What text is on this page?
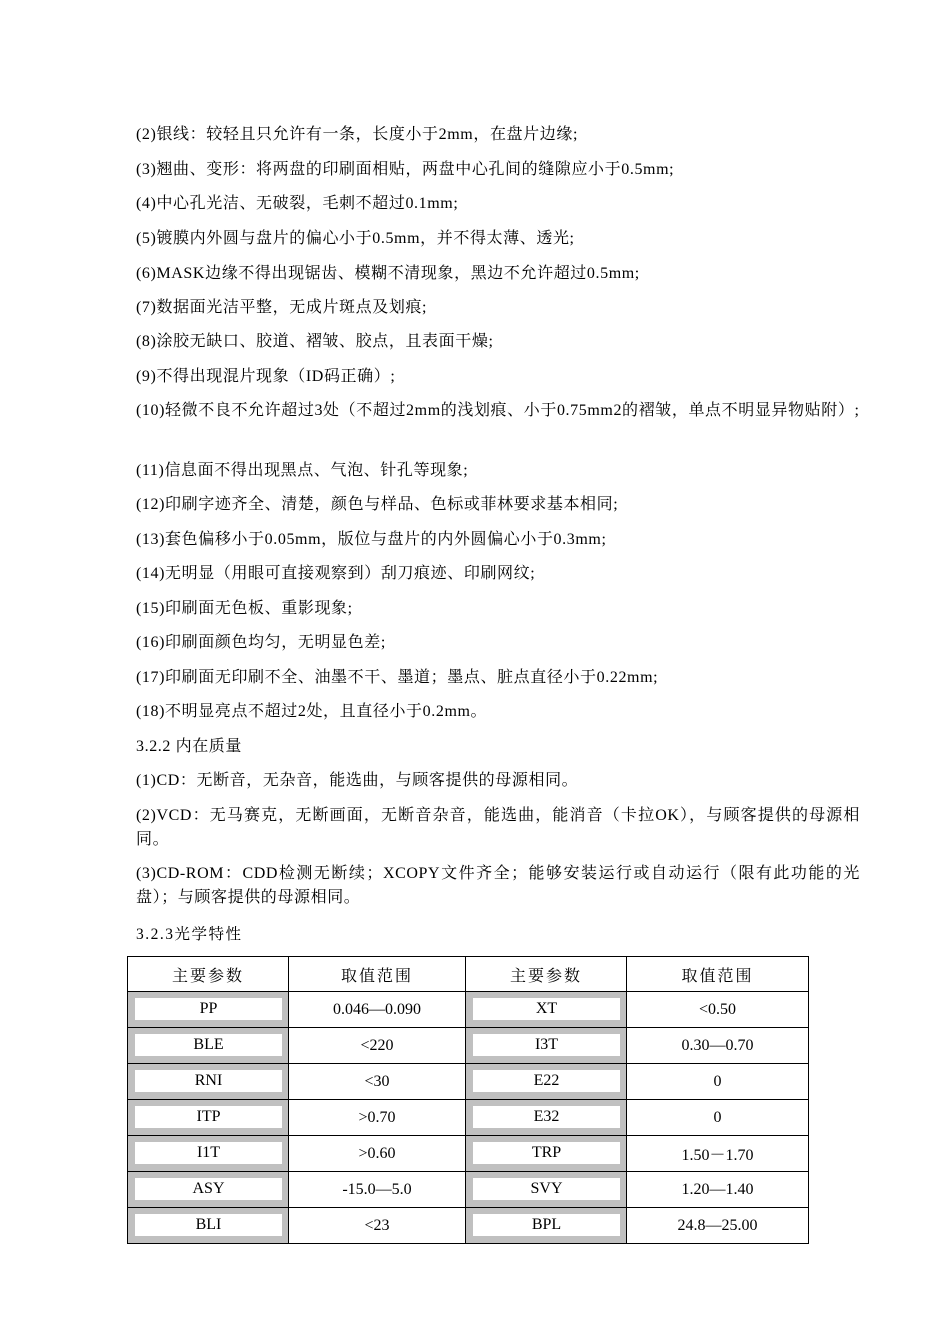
(2)银线：较轻且只允许有一条，长度小于2mm，在盘片边缘;

(3)翘曲、变形：将两盘的印刷面相贴，两盘中心孔间的缝隙应小于0.5mm;

(4)中心孔光洁、无破裂，毛刺不超过0.1mm;

(5)镀膜内外圆与盘片的偏心小于0.5mm，并不得太薄、透光;

(6)MASK边缘不得出现锯齿、模糊不清现象，黑边不允许超过0.5mm;

(7)数据面光洁平整，无成片斑点及划痕;

(8)涂胶无缺口、胶道、褶皱、胶点，且表面干燥;

(9)不得出现混片现象（ID码正确）;

(10)轻微不良不允许超过3处（不超过2mm的浅划痕、小于0.75mm2的褶皱，单点不明显异物贴附）;

(11)信息面不得出现黑点、气泡、针孔等现象;

(12)印刷字迹齐全、清楚，颜色与样品、色标或菲林要求基本相同;

(13)套色偏移小于0.05mm，版位与盘片的内外圆偏心小于0.3mm;

(14)无明显（用眼可直接观察到）刮刀痕迹、印刷网纹;

(15)印刷面无色板、重影现象;

(16)印刷面颜色均匀，无明显色差;

(17)印刷面无印刷不全、油墨不干、墨道；墨点、脏点直径小于0.22mm;

(18)不明显亮点不超过2处，且直径小于0.2mm。

3.2.2 内在质量

(1)CD：无断音，无杂音，能选曲，与顾客提供的母源相同。

(2)VCD：无马赛克，无断画面，无断音杂音，能选曲，能消音（卡拉OK），与顾客提供的母源相同。

(3)CD-ROM：CDD检测无断续；XCOPY文件齐全；能够安装运行或自动运行（限有此功能的光盘）；与顾客提供的母源相同。

3.2.3光学特性

主要参数	取值范围	主要参数	取值范围

PP	0.046—0.090	XT	<0.50

BLE	<220	I3T	0.30—0.70

RNI	<30	E22	0

ITP	>0.70	E32	0

I1T	>0.60	TRP	1.50－1.70

ASY	-15.0—5.0	SVY	1.20—1.40

BLI	<23	BPL	24.8—25.00
